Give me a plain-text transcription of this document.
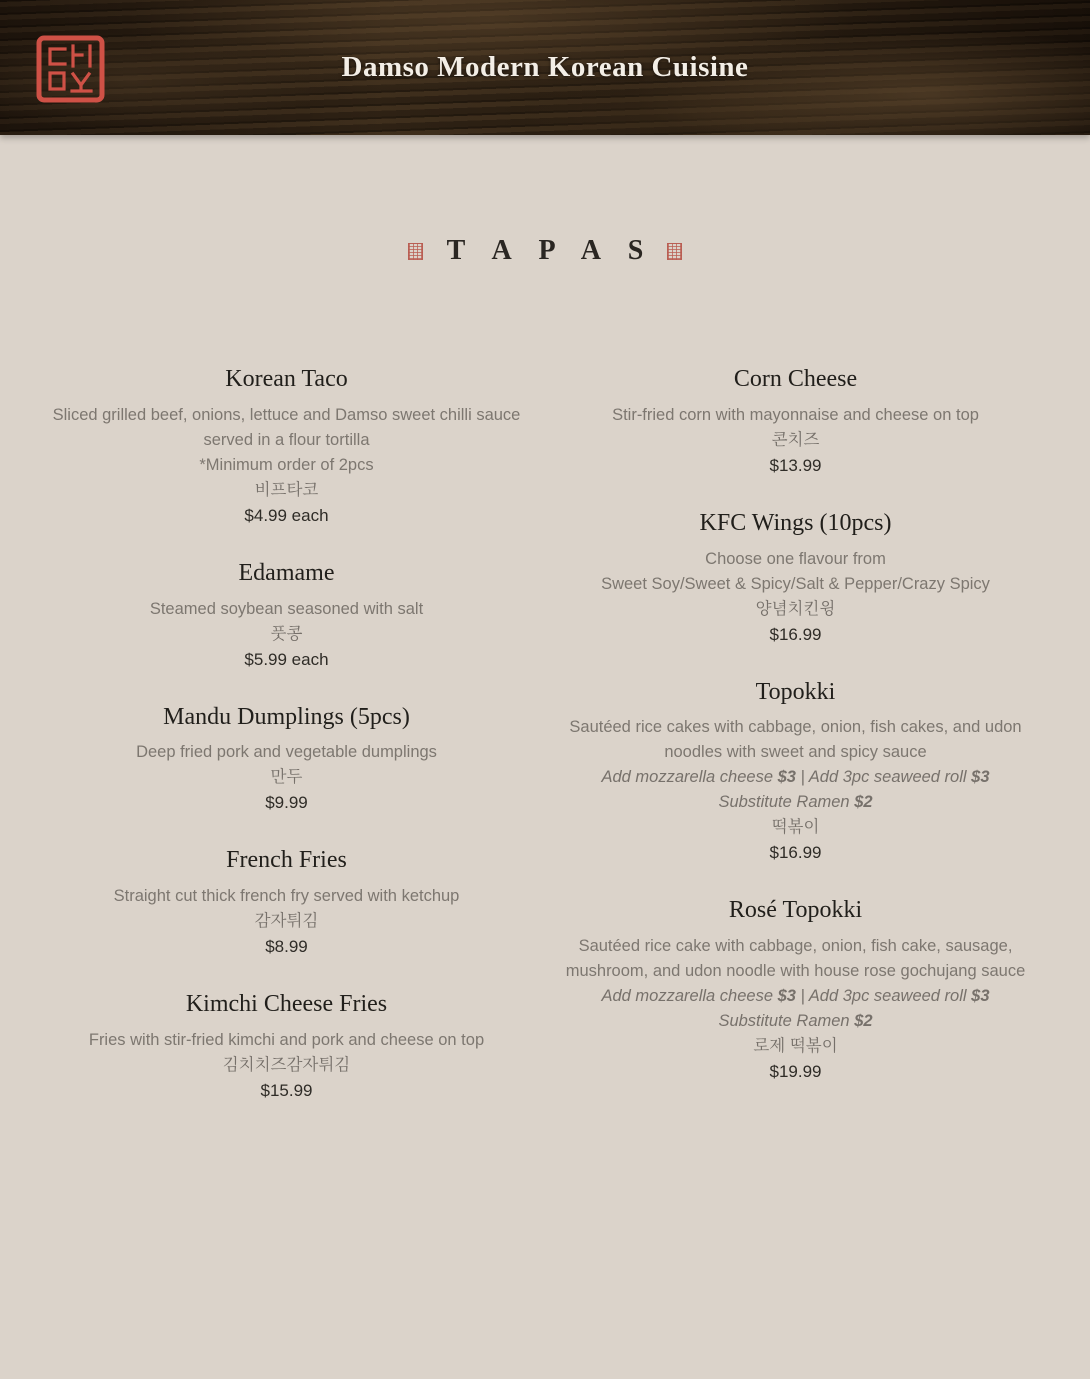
Damso Modern Korean Cuisine
T A P A S
Korean Taco
Sliced grilled beef, onions, lettuce and Damso sweet chilli sauce served in a flour tortilla
*Minimum order of 2pcs
비프타코
$4.99 each
Edamame
Steamed soybean seasoned with salt
풋콩
$5.99 each
Mandu Dumplings (5pcs)
Deep fried pork and vegetable dumplings
만두
$9.99
French Fries
Straight cut thick french fry served with ketchup
감자튀김
$8.99
Kimchi Cheese Fries
Fries with stir-fried kimchi and pork and cheese on top
김치치즈감자튀김
$15.99
Corn Cheese
Stir-fried corn with mayonnaise and cheese on top
콘치즈
$13.99
KFC Wings (10pcs)
Choose one flavour from
Sweet Soy/Sweet & Spicy/Salt & Pepper/Crazy Spicy
양념치킨윙
$16.99
Topokki
Sautéed rice cakes with cabbage, onion, fish cakes, and udon noodles with sweet and spicy sauce
Add mozzarella cheese $3 | Add 3pc seaweed roll $3
Substitute Ramen $2
떡볶이
$16.99
Rosé Topokki
Sautéed rice cake with cabbage, onion, fish cake, sausage, mushroom, and udon noodle with house rose gochujang sauce
Add mozzarella cheese $3 | Add 3pc seaweed roll $3
Substitute Ramen $2
로제 떡볶이
$19.99
